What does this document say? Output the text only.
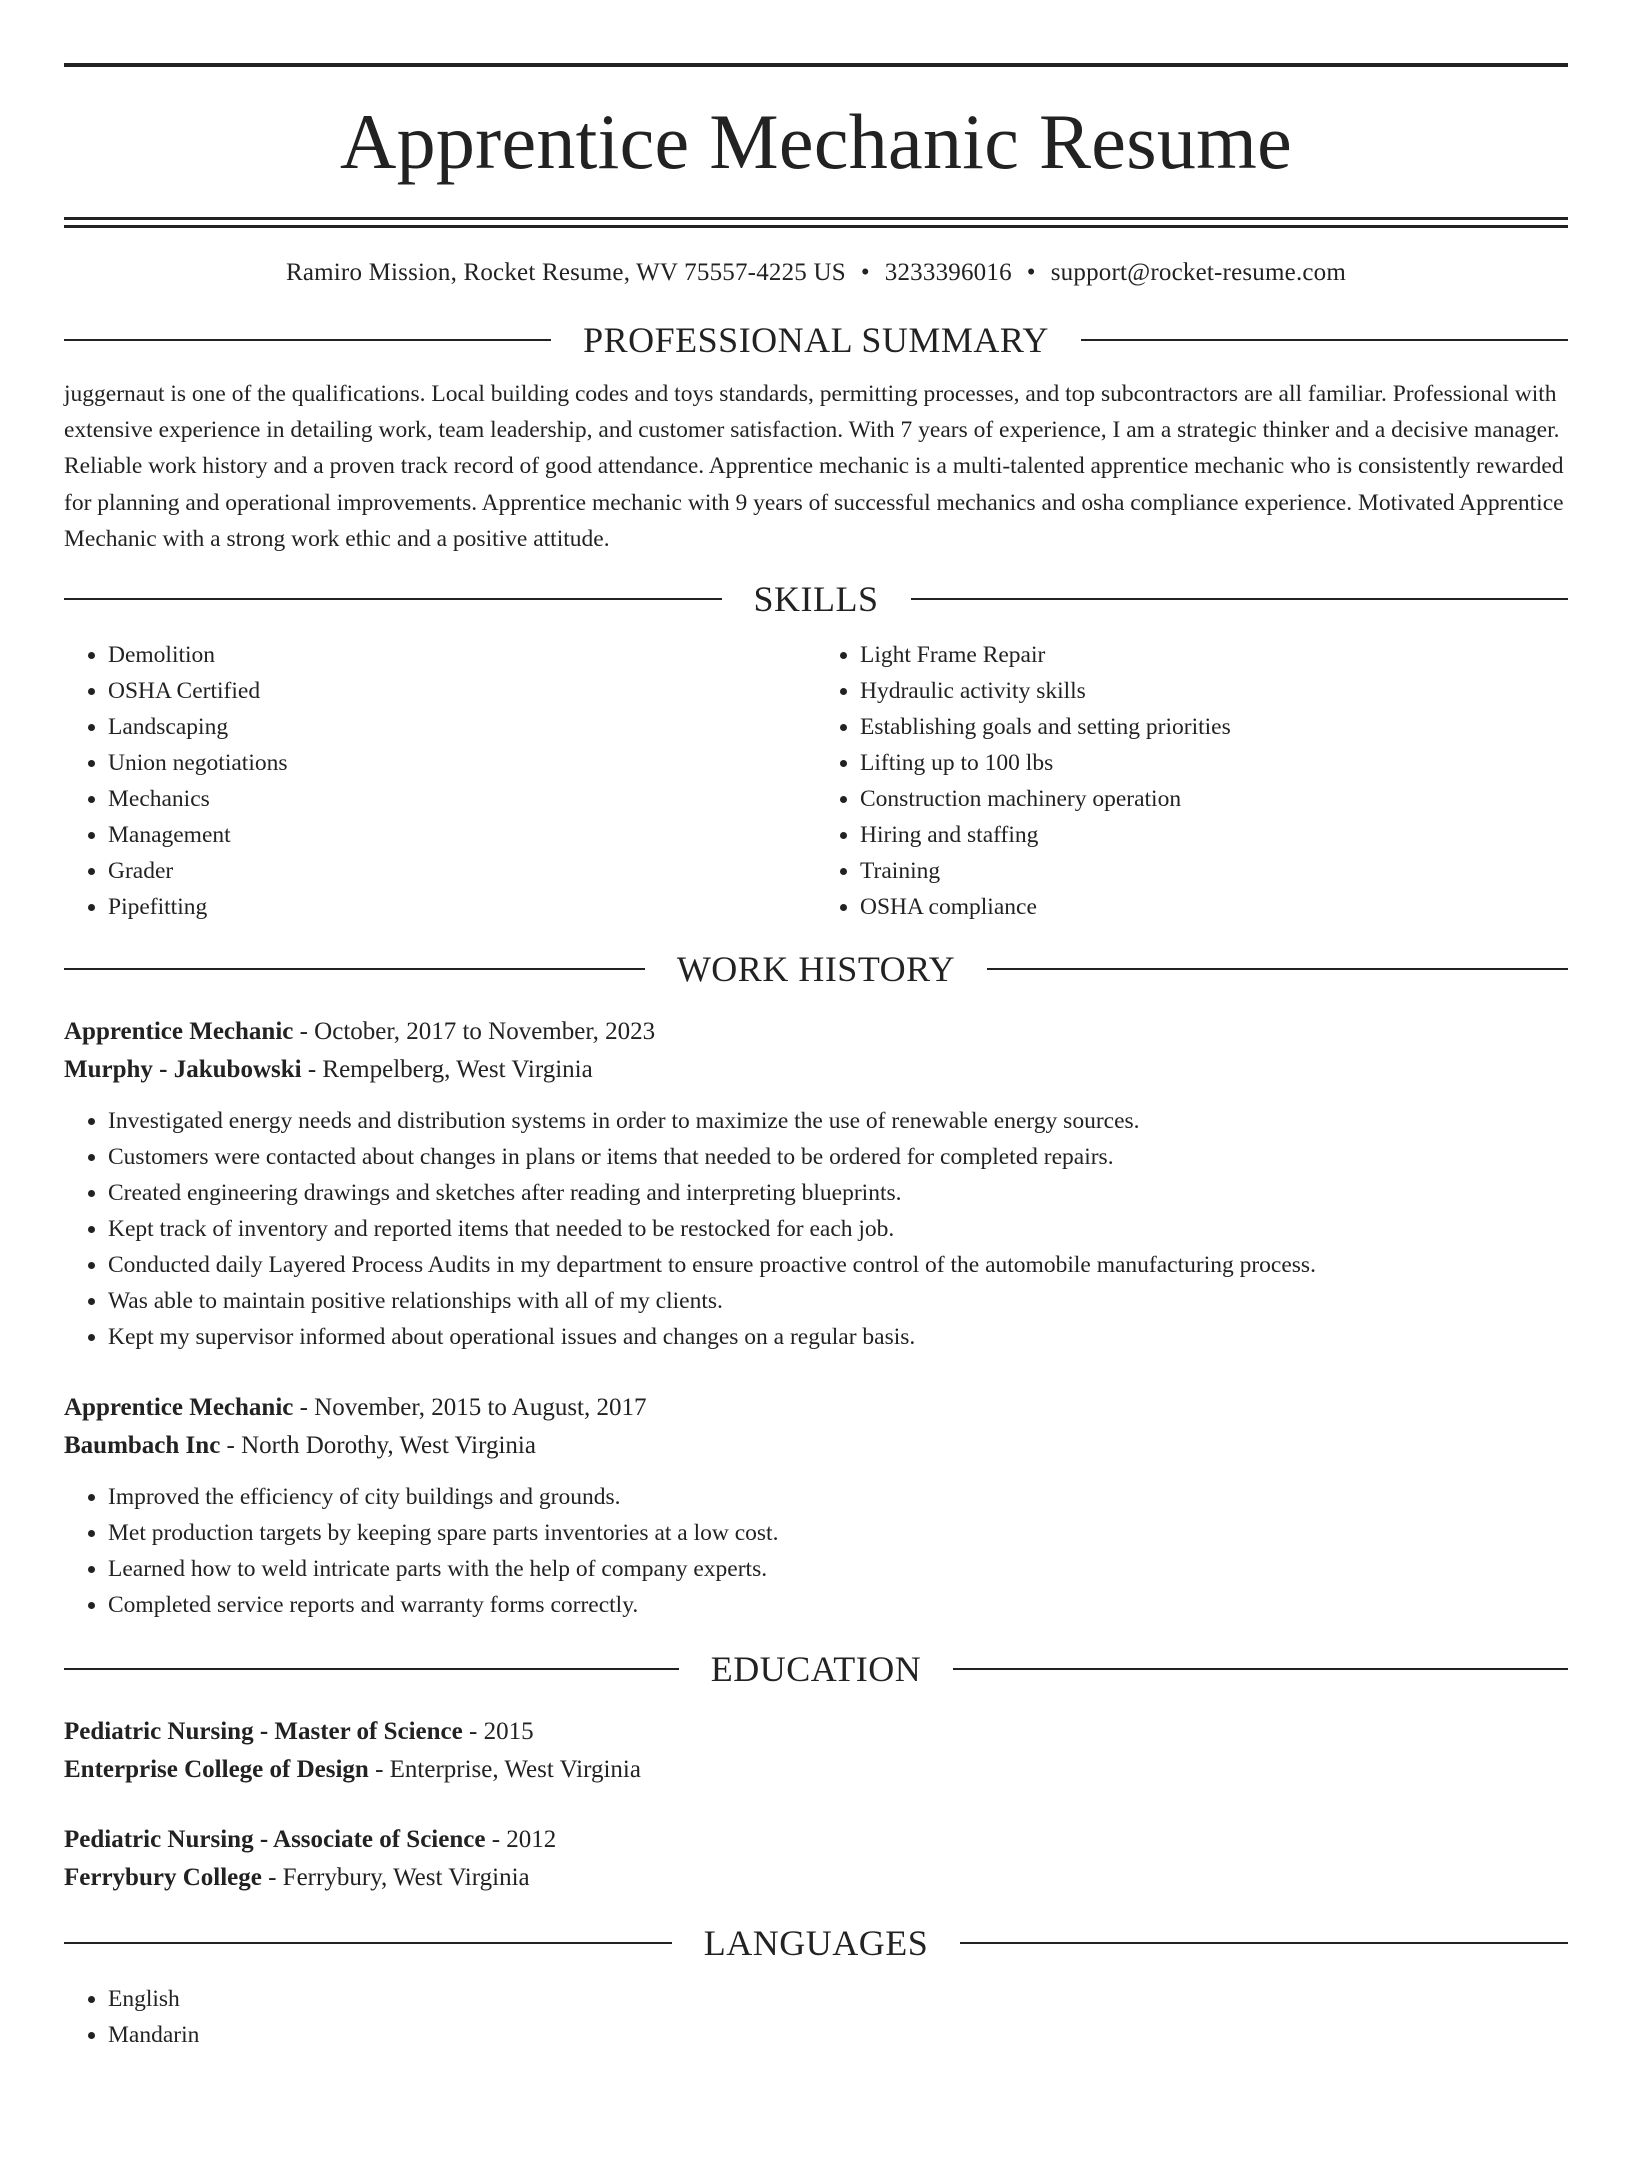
Apprentice Mechanic Resume
Ramiro Mission, Rocket Resume, WV 75557-4225 US • 3233396016 • support@rocket-resume.com
PROFESSIONAL SUMMARY
juggernaut is one of the qualifications. Local building codes and toys standards, permitting processes, and top subcontractors are all familiar. Professional with extensive experience in detailing work, team leadership, and customer satisfaction. With 7 years of experience, I am a strategic thinker and a decisive manager. Reliable work history and a proven track record of good attendance. Apprentice mechanic is a multi-talented apprentice mechanic who is consistently rewarded for planning and operational improvements. Apprentice mechanic with 9 years of successful mechanics and osha compliance experience. Motivated Apprentice Mechanic with a strong work ethic and a positive attitude.
SKILLS
• Demolition
• OSHA Certified
• Landscaping
• Union negotiations
• Mechanics
• Management
• Grader
• Pipefitting
• Light Frame Repair
• Hydraulic activity skills
• Establishing goals and setting priorities
• Lifting up to 100 lbs
• Construction machinery operation
• Hiring and staffing
• Training
• OSHA compliance
WORK HISTORY
Apprentice Mechanic - October, 2017 to November, 2023
Murphy - Jakubowski - Rempelberg, West Virginia
• Investigated energy needs and distribution systems in order to maximize the use of renewable energy sources.
• Customers were contacted about changes in plans or items that needed to be ordered for completed repairs.
• Created engineering drawings and sketches after reading and interpreting blueprints.
• Kept track of inventory and reported items that needed to be restocked for each job.
• Conducted daily Layered Process Audits in my department to ensure proactive control of the automobile manufacturing process.
• Was able to maintain positive relationships with all of my clients.
• Kept my supervisor informed about operational issues and changes on a regular basis.
Apprentice Mechanic - November, 2015 to August, 2017
Baumbach Inc - North Dorothy, West Virginia
• Improved the efficiency of city buildings and grounds.
• Met production targets by keeping spare parts inventories at a low cost.
• Learned how to weld intricate parts with the help of company experts.
• Completed service reports and warranty forms correctly.
EDUCATION
Pediatric Nursing - Master of Science - 2015
Enterprise College of Design - Enterprise, West Virginia
Pediatric Nursing - Associate of Science - 2012
Ferrybury College - Ferrybury, West Virginia
LANGUAGES
• English
• Mandarin
